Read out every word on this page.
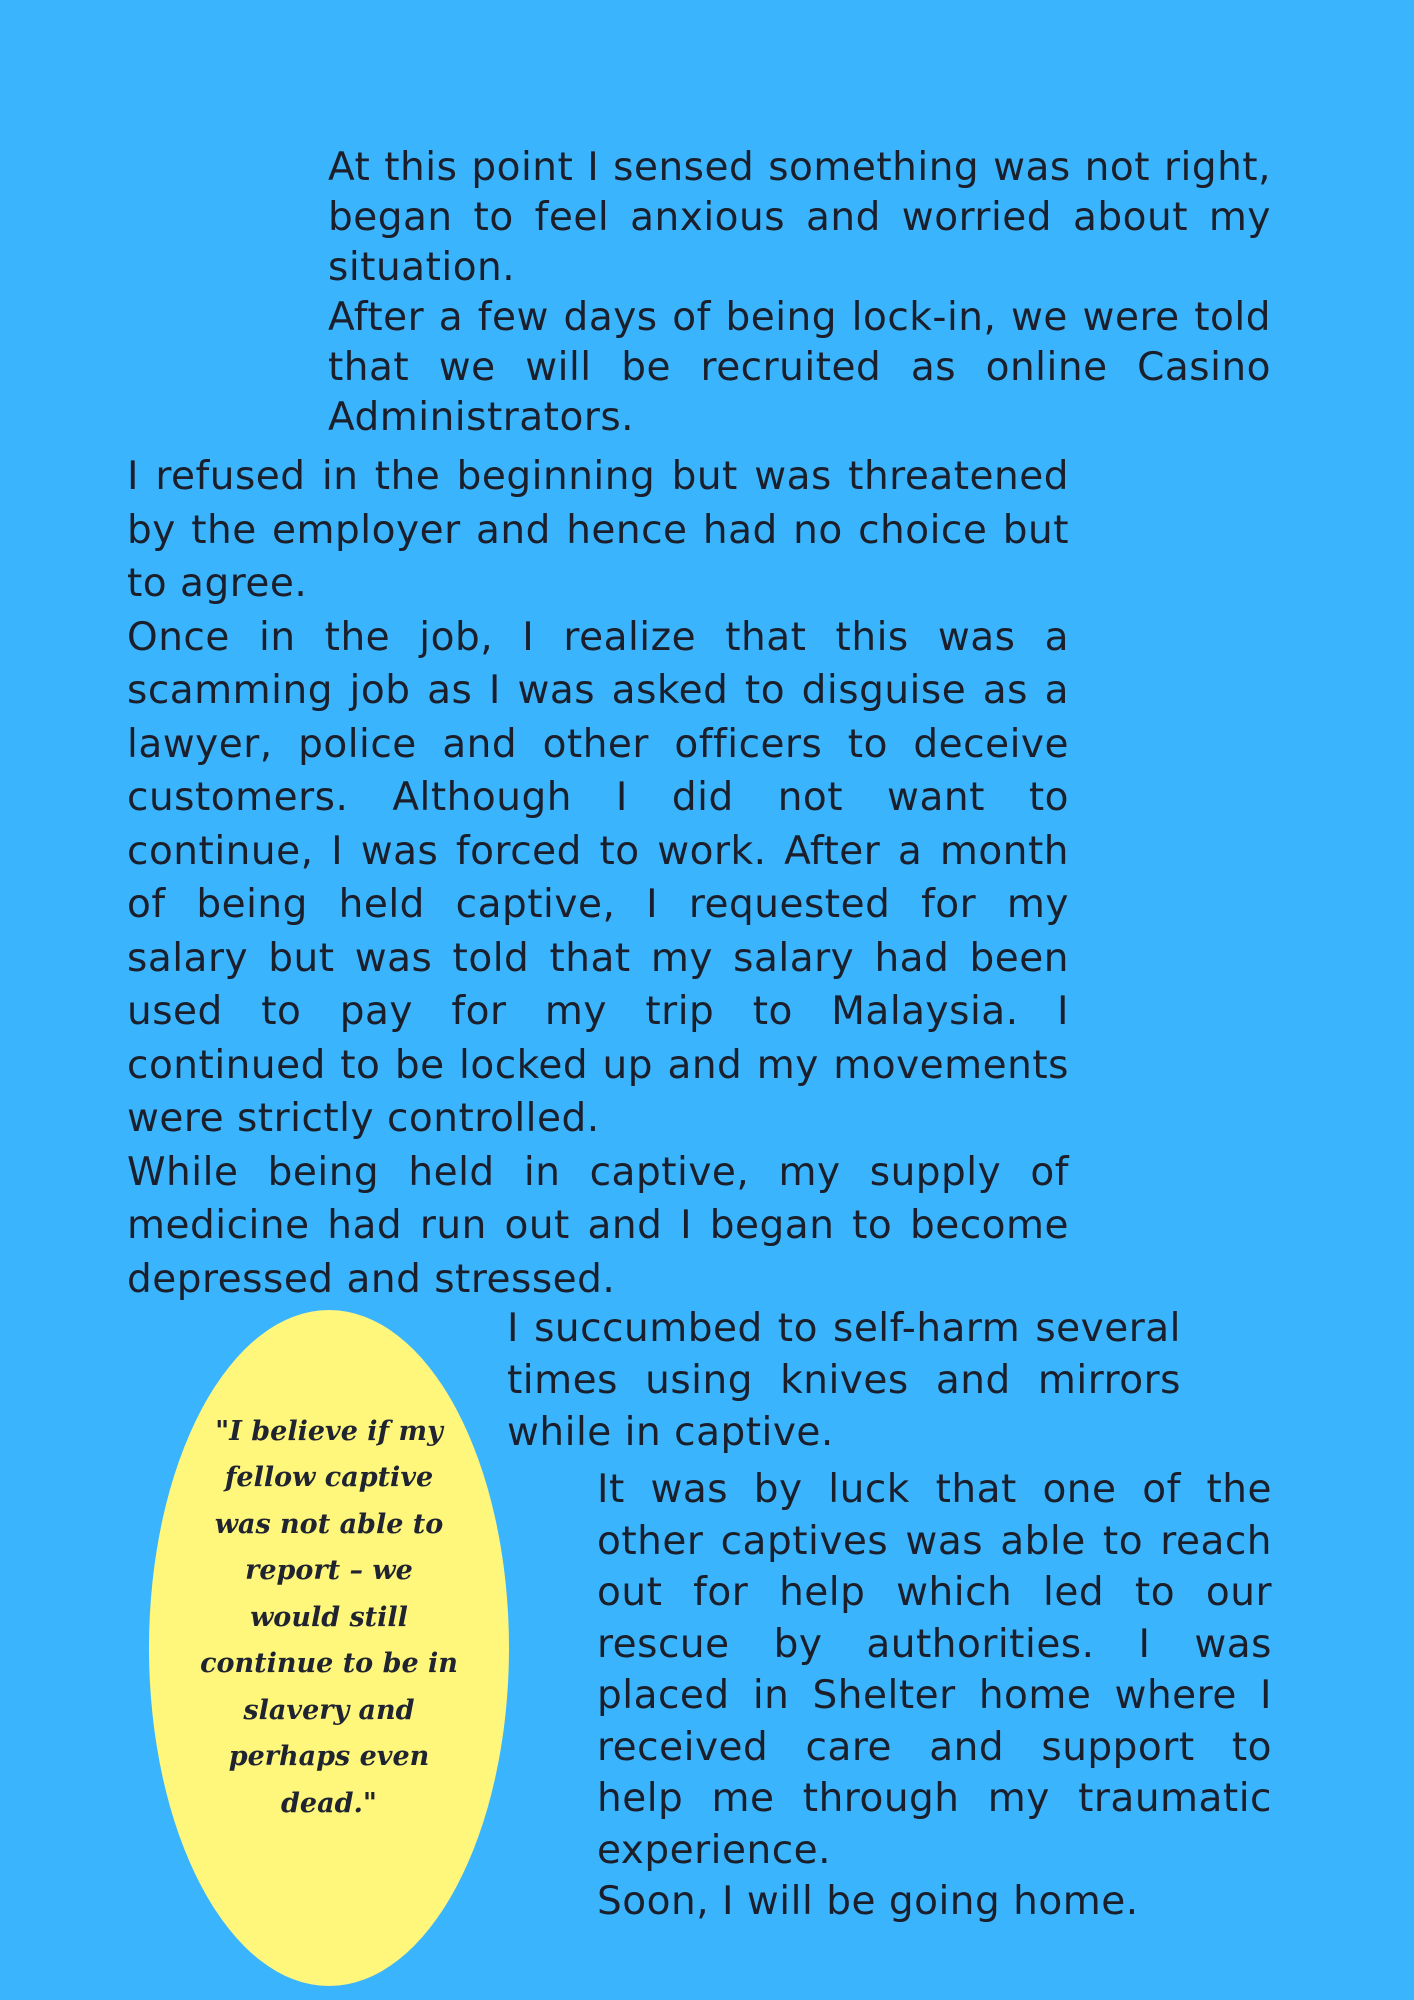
At this point I sensed something was not right, began to feel anxious and worried about my situation.

After a few days of being lock-in, we were told that we will be recruited as online Casino Administrators.

I refused in the beginning but was threatened by the employer and hence had no choice but to agree.

Once in the job, I realize that this was a scamming job as I was asked to disguise as a lawyer, police and other officers to deceive customers. Although I did not want to continue, I was forced to work. After a month of being held captive, I requested for my salary but was told that my salary had been used to pay for my trip to Malaysia. I continued to be locked up and my movements were strictly controlled.

While being held in captive, my supply of medicine had run out and I began to become depressed and stressed.

I succumbed to self-harm several times using knives and mirrors while in captive.

It was by luck that one of the other captives was able to reach out for help which led to our rescue by authorities. I was placed in Shelter home where I received care and support to help me through my traumatic experience.

Soon, I will be going home.

"I believe if my fellow captive was not able to report – we would still continue to be in slavery and perhaps even dead."
